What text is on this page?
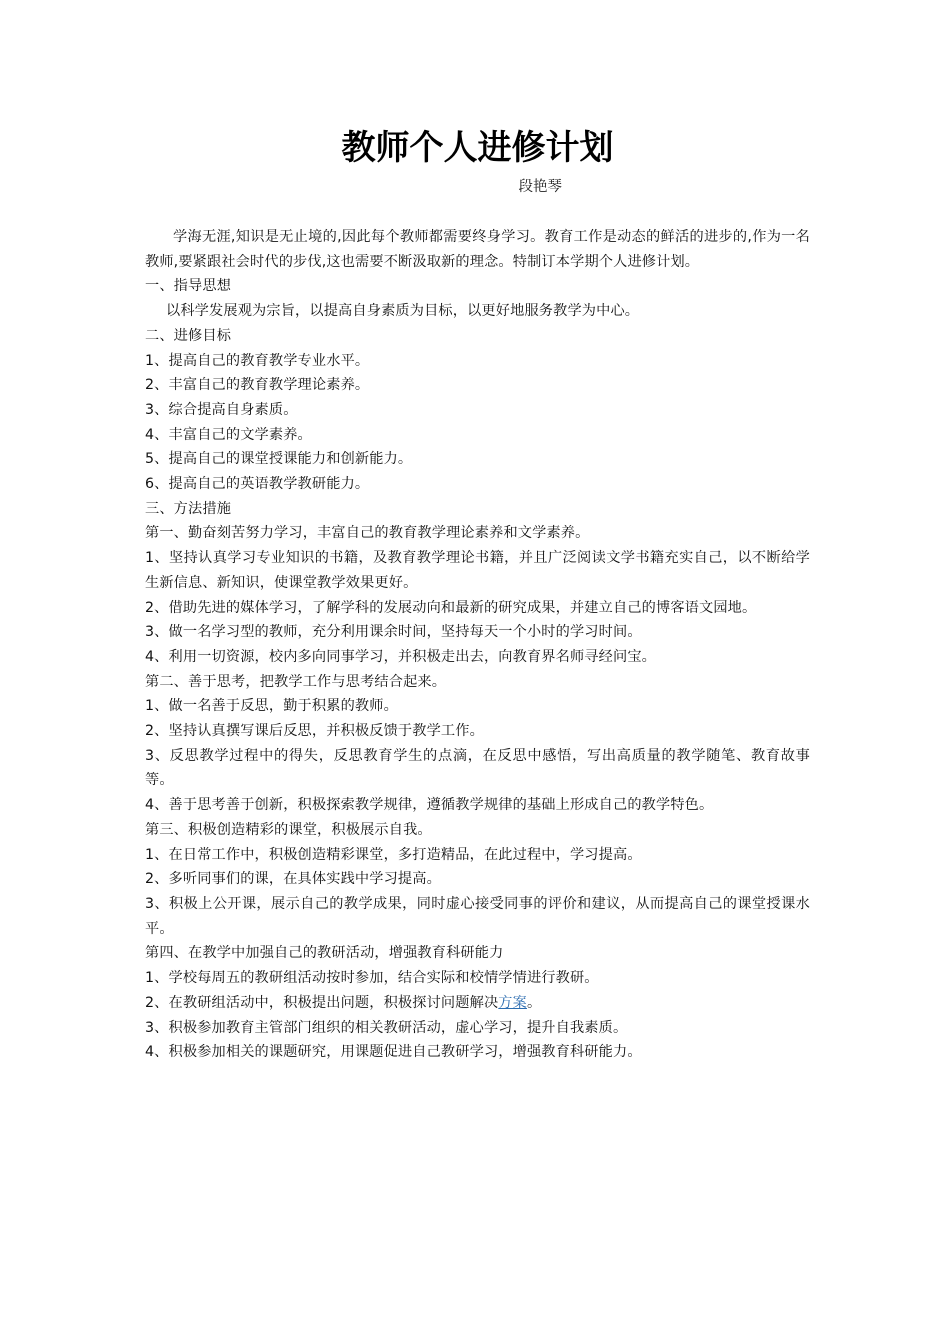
教师个人进修计划
段艳琴

学海无涯,知识是无止境的,因此每个教师都需要终身学习。教育工作是动态的鲜活的进步的,作为一名教师,要紧跟社会时代的步伐,这也需要不断汲取新的理念。特制订本学期个人进修计划。

一、指导思想

以科学发展观为宗旨，以提高自身素质为目标，以更好地服务教学为中心。

二、进修目标

1、提高自己的教育教学专业水平。

2、丰富自己的教育教学理论素养。

3、综合提高自身素质。

4、丰富自己的文学素养。

5、提高自己的课堂授课能力和创新能力。

6、提高自己的英语教学教研能力。

三、方法措施

第一、勤奋刻苦努力学习，丰富自己的教育教学理论素养和文学素养。

1、坚持认真学习专业知识的书籍，及教育教学理论书籍，并且广泛阅读文学书籍充实自己，以不断给学生新信息、新知识，使课堂教学效果更好。

2、借助先进的媒体学习，了解学科的发展动向和最新的研究成果，并建立自己的博客语文园地。

3、做一名学习型的教师，充分利用课余时间，坚持每天一个小时的学习时间。

4、利用一切资源，校内多向同事学习，并积极走出去，向教育界名师寻经问宝。

第二、善于思考，把教学工作与思考结合起来。

1、做一名善于反思，勤于积累的教师。

2、坚持认真撰写课后反思，并积极反馈于教学工作。

3、反思教学过程中的得失，反思教育学生的点滴，在反思中感悟，写出高质量的教学随笔、教育故事等。

4、善于思考善于创新，积极探索教学规律，遵循教学规律的基础上形成自己的教学特色。

第三、积极创造精彩的课堂，积极展示自我。

1、在日常工作中，积极创造精彩课堂，多打造精品，在此过程中，学习提高。

2、多听同事们的课，在具体实践中学习提高。

3、积极上公开课，展示自己的教学成果，同时虚心接受同事的评价和建议，从而提高自己的课堂授课水平。

第四、在教学中加强自己的教研活动，增强教育科研能力

1、学校每周五的教研组活动按时参加，结合实际和校情学情进行教研。

2、在教研组活动中，积极提出问题，积极探讨问题解决方案。

3、积极参加教育主管部门组织的相关教研活动，虚心学习，提升自我素质。

4、积极参加相关的课题研究，用课题促进自己教研学习，增强教育科研能力。
